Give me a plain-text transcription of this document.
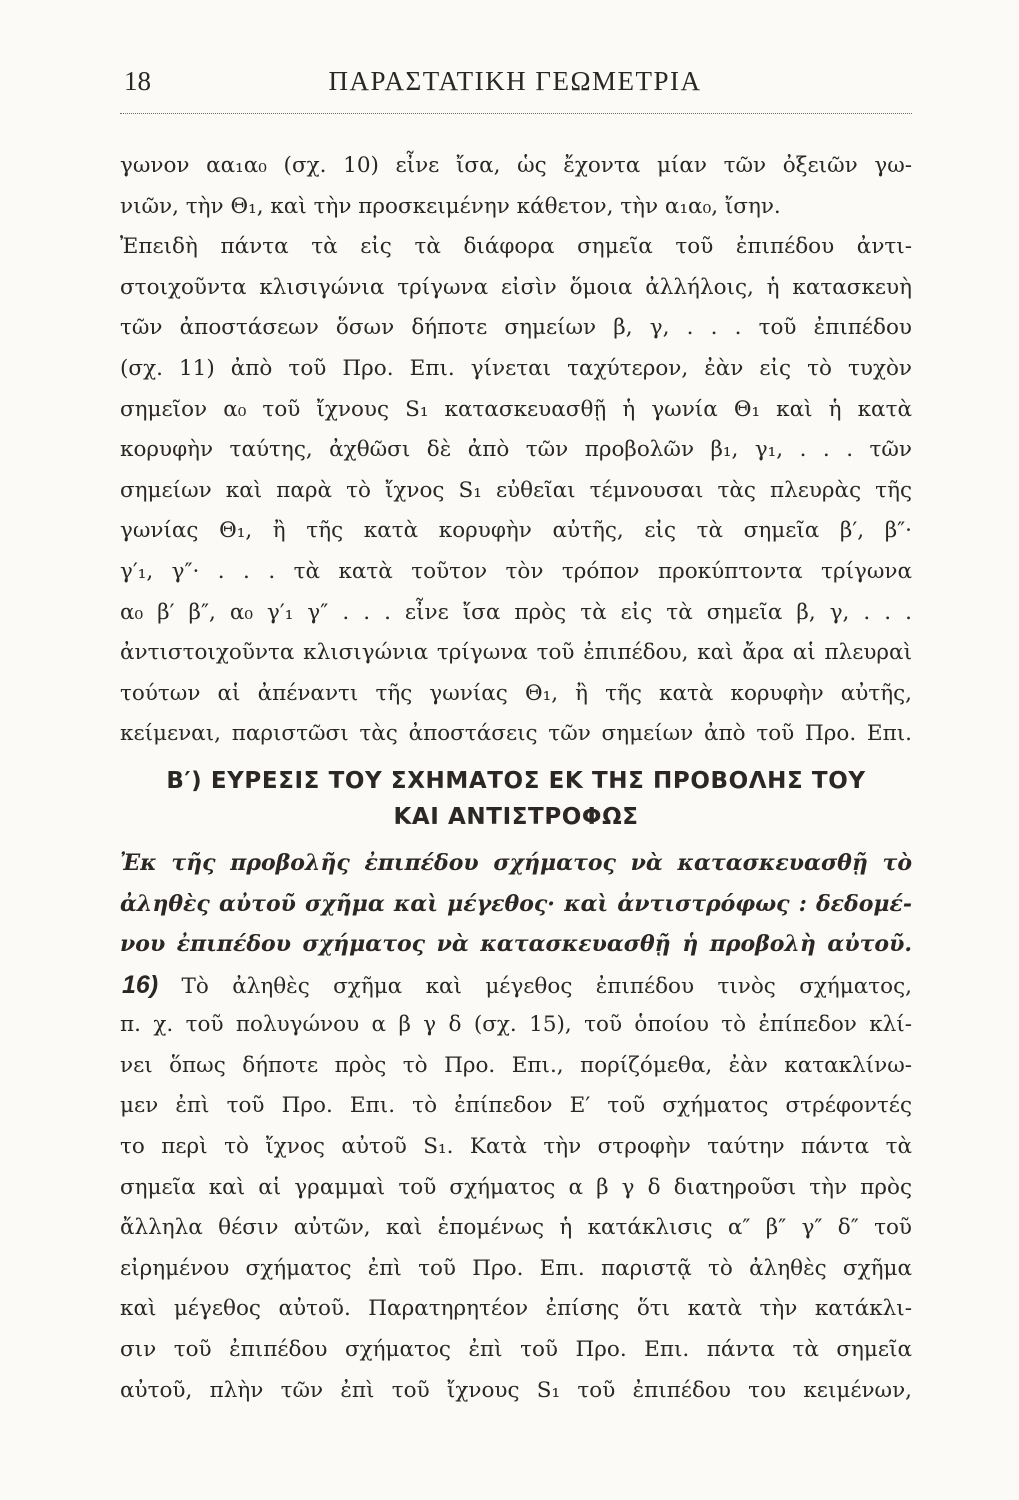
18	ΠΑΡΑΣΤΑΤΙΚΗ ΓΕΩΜΕΤΡΙΑ
γωνον αα₁α₀ (σχ. 10) εἶνε ἴσα, ὡς ἔχοντα μίαν τῶν ὀξειῶν γω-
νιῶν, τὴν Θ₁, καὶ τὴν προσκειμένην κάθετον, τὴν α₁α₀, ἴσην.
Ἐπειδὴ πάντα τὰ εἰς τὰ διάφορα σημεῖα τοῦ ἐπιπέδου ἀντι-
στοιχοῦντα κλισιγώνια τρίγωνα εἰσὶν ὅμοια ἀλλήλοις, ἡ κατασκευὴ
τῶν ἀποστάσεων ὅσων δήποτε σημείων β, γ, . . . τοῦ ἐπιπέδου
(σχ. 11) ἀπὸ τοῦ Προ. Επι. γίνεται ταχύτερον, ἐὰν εἰς τὸ τυχὸν
σημεῖον α₀ τοῦ ἴχνους S₁ κατασκευασθῇ ἡ γωνία Θ₁ καὶ ἡ κατὰ
κορυφὴν ταύτης, ἀχθῶσι δὲ ἀπὸ τῶν προβολῶν β₁, γ₁, . . . τῶν
σημείων καὶ παρὰ τὸ ἴχνος S₁ εὐθεῖαι τέμνουσαι τὰς πλευρὰς τῆς
γωνίας Θ₁, ἢ τῆς κατὰ κορυφὴν αὐτῆς, εἰς τὰ σημεῖα β′, β″·
γ′₁, γ″· . . . τὰ κατὰ τοῦτον τὸν τρόπον προκύπτοντα τρίγωνα
α₀ β′ β″, α₀ γ′₁ γ″ . . . εἶνε ἴσα πρὸς τὰ εἰς τὰ σημεῖα β, γ, . . .
ἀντιστοιχοῦντα κλισιγώνια τρίγωνα τοῦ ἐπιπέδου, καὶ ἄρα αἱ πλευραὶ
τούτων αἱ ἀπέναντι τῆς γωνίας Θ₁, ἢ τῆς κατὰ κορυφὴν αὐτῆς,
κείμεναι, παριστῶσι τὰς ἀποστάσεις τῶν σημείων ἀπὸ τοῦ Προ. Επι.
Β′) ΕΥΡΕΣΙΣ ΤΟΥ ΣΧΗΜΑΤΟΣ ΕΚ ΤΗΣ ΠΡΟΒΟΛΗΣ ΤΟΥ
ΚΑΙ ΑΝΤΙΣΤΡΟΦΩΣ
Ἐκ τῆς προβολῆς ἐπιπέδου σχήματος νὰ κατασκευασθῇ τὸ
ἀληθὲς αὐτοῦ σχῆμα καὶ μέγεθος· καὶ ἀντιστρόφως : δεδομέ-
νου ἐπιπέδου σχήματος νὰ κατασκευασθῇ ἡ προβολὴ αὐτοῦ.
16) Τὸ ἀληθὲς σχῆμα καὶ μέγεθος ἐπιπέδου τινὸς σχήματος,
π. χ. τοῦ πολυγώνου α β γ δ (σχ. 15), τοῦ ὁποίου τὸ ἐπίπεδον κλί-
νει ὅπως δήποτε πρὸς τὸ Προ. Επι., πορίζόμεθα, ἐὰν κατακλίνω-
μεν ἐπὶ τοῦ Προ. Επι. τὸ ἐπίπεδον Ε′ τοῦ σχήματος στρέφοντές
το περὶ τὸ ἴχνος αὐτοῦ S₁. Κατὰ τὴν στροφὴν ταύτην πάντα τὰ
σημεῖα καὶ αἱ γραμμαὶ τοῦ σχήματος α β γ δ διατηροῦσι τὴν πρὸς
ἄλληλα θέσιν αὐτῶν, καὶ ἑπομένως ἡ κατάκλισις α″ β″ γ″ δ″ τοῦ
εἰρημένου σχήματος ἐπὶ τοῦ Προ. Επι. παριστᾷ τὸ ἀληθὲς σχῆμα
καὶ μέγεθος αὐτοῦ. Παρατηρητέον ἐπίσης ὅτι κατὰ τὴν κατάκλι-
σιν τοῦ ἐπιπέδου σχήματος ἐπὶ τοῦ Προ. Επι. πάντα τὰ σημεῖα
αὐτοῦ, πλὴν τῶν ἐπὶ τοῦ ἴχνους S₁ τοῦ ἐπιπέδου του κειμένων,
